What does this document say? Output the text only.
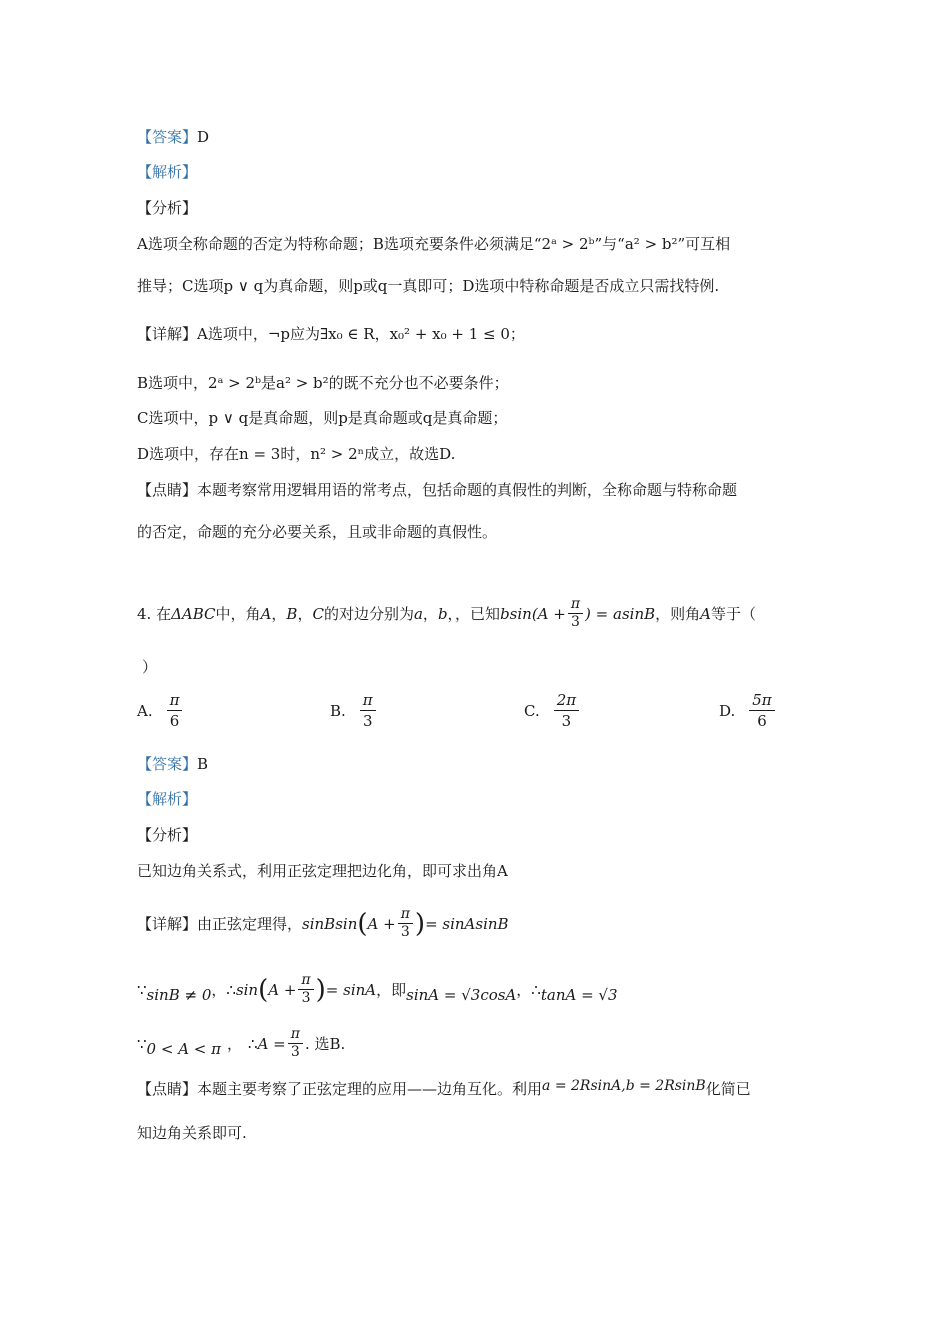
【答案】D
【解析】
【分析】
A选项全称命题的否定为特称命题；B选项充要条件必须满足“2ᵃ > 2ᵇ”与“a² > b²”可互相
推导；C选项p ∨ q为真命题，则p或q一真即可；D选项中特称命题是否成立只需找特例.
【详解】A选项中，¬p应为∃x₀ ∈ R，x₀² + x₀ + 1 ≤ 0；
B选项中，2ᵃ > 2ᵇ是a² > b²的既不充分也不必要条件；
C选项中，p ∨ q是真命题，则p是真命题或q是真命题；
D选项中，存在n = 3时，n² > 2ⁿ成立，故选D.
【点睛】本题考察常用逻辑用语的常考点，包括命题的真假性的判断，全称命题与特称命题
的否定，命题的充分必要关系，且或非命题的真假性。
4. 在 ΔABC 中，角 A ， B ， C 的对边分别为 a ， b ，，已知 $bsin(A + \frac{\pi}{3}$ ) = asinB ，则角 A 等于（
）
A. $\frac{\pi}{6}$	B. $\frac{\pi}{3}$	C. $\frac{2\pi}{3}$	D. $\frac{5\pi}{6}$
【答案】B
【解析】
【分析】
已知边角关系式，利用正弦定理把边化角，即可求出角A
【详解】 由正弦定理得， sinBsin ( $A + \frac{\pi}{3}$ ) = sinAsinB
∵ sinB ≠ 0 ， ∴ sin ( $A + \frac{\pi}{3}$ ) = sinA ，即 sinA = √3cosA ， ∴ tanA = √3
∵ 0 < A < π ， ∴ $A = \frac{\pi}{3}$ . 选B.
【点睛】本题主要考察了正弦定理的应用——边角互化。利用a = 2RsinA,b = 2RsinB化简已
知边角关系即可.
